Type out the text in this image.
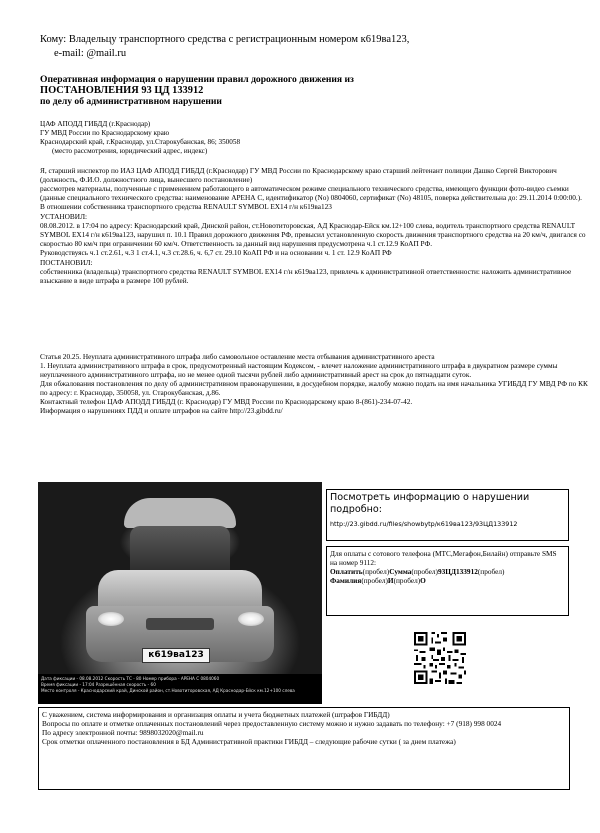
Кому: Владельцу транспортного средства с регистрационным номером к619ва123,
e-mail: @mail.ru
Оперативная информация о нарушении правил дорожного движения из
ПОСТАНОВЛЕНИЯ 93 ЦД 133912
по делу об административном нарушении
ЦАФ АПОДД ГИБДД (г.Краснодар)
ГУ МВД России по Краснодарскому краю
Краснодарский край, г.Краснодар, ул.Старокубанская, 86; 350058
(место рассмотрения, юридический адрес, индекс)

Я, старший инспектор по ИАЗ ЦАФ АПОДД ГИБДД (г.Краснодар) ГУ МВД России по Краснодарскому краю старший лейтенант полиции Дашко Сергей Викторович

(должность, Ф.И.О. должностного лица, вынесшего постановление)

рассмотрев материалы, полученные с применением работающего в автоматическом режиме специального технического средства, имеющего функции фото-видео съемки (данные специального технического средства: наименование АРЕНА С, идентификатор (No) 0804060, сертификат (No) 48105, поверка действительна до: 29.11.2014 0:00:00.).

В отношении собственника транспортного средства RENAULT SYMBOL EX14 г/н к619ва123

УСТАНОВИЛ:

08.08.2012. в 17:04 по адресу: Краснодарский край, Динской район, ст.Новотиторовская, АД Краснодар-Ейск км.12+100 слева, водитель транспортного средства RENAULT SYMBOL EX14 г/н к619ва123, нарушил п. 10.1 Правил дорожного движения РФ, превысил установленную скорость движения транспортного средства на 20 км/ч, двигался со скоростью 80 км/ч при ограничении 60 км/ч. Ответственность за данный вид нарушения предусмотрена ч.1 ст.12.9 КоАП РФ.

Руководствуясь ч.1 ст.2.61, ч.3 1 ст.4.1, ч.3 ст.28.6, ч. 6,7 ст. 29.10 КоАП РФ и на основании ч. 1 ст. 12.9 КоАП РФ

ПОСТАНОВИЛ:

собственника (владельца) транспортного средства RENAULT SYMBOL EX14 г/н к619ва123, привлечь к административной ответственности: наложить административное взыскание в виде штрафа в размере 100 рублей.

Статья 20.25. Неуплата административного штрафа либо самовольное оставление места отбывания административного ареста

1. Неуплата административного штрафа в срок, предусмотренный настоящим Кодексом, - влечет наложение административного штрафа в двукратном размере суммы неуплаченного административного штрафа, но не менее одной тысячи рублей либо административный арест на срок до пятнадцати суток.

Для обжалования постановления по делу об административном правонарушении, в досудебном порядке, жалобу можно подать на имя начальника УГИБДД ГУ МВД РФ по КК по адресу: г. Краснодар, 350058, ул. Старокубанская, д.86.

Контактный телефон ЦАФ АПОДД ГИБДД (г. Краснодар) ГУ МВД России по Краснодарскому краю 8-(861)-234-07-42.

Информация о нарушениях ПДД и оплате штрафов на сайте http://23.gibdd.ru/

к619ва123
Дата фиксации - 08.08.2012 Скорость ТС - 80 Номер прибора - АРЕНА С 0804060
Время фиксации - 17:04 Разрешённая скорость - 60
Место контроля - Краснодарский край, Динской район, ст.Новотиторовская, АД Краснодар-Ейск км.12+100 слева
Посмотреть информацию о нарушении подробно:
http://23.gibdd.ru/files/showbytp/к619ва123/93ЦД133912
Для оплаты с сотового телефона (МТС,Мегафон,Билайн) отправьте SMS на номер 9112:
Оплатить(пробел)Сумма(пробел)93ЦД133912(пробел)
Фамилия(пробел)И(пробел)О

С уважением, система информирования и организация оплаты и учета бюджетных платежей (штрафов ГИБДД)

Вопросы по оплате и отметке оплаченных постановлений через предоставленную систему можно и нужно задавать по телефону: +7 (918) 998 0024

По адресу электронной почты: 9898032020@mail.ru

Срок отметки оплаченного постановления в БД Административной практики ГИБДД – следующие рабочие сутки ( за днем платежа)
